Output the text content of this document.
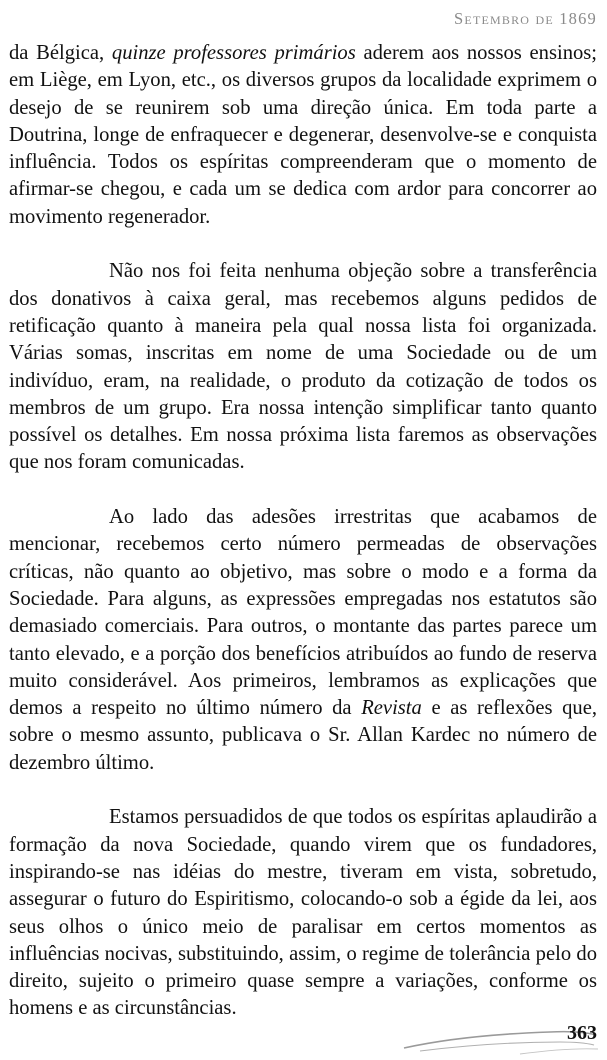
Setembro de 1869

da Bélgica, quinze professores primários aderem aos nossos ensinos; em Liège, em Lyon, etc., os diversos grupos da localidade exprimem o desejo de se reunirem sob uma direção única. Em toda parte a Doutrina, longe de enfraquecer e degenerar, desenvolve-se e conquista influência. Todos os espíritas compreenderam que o momento de afirmar-se chegou, e cada um se dedica com ardor para concorrer ao movimento regenerador.

Não nos foi feita nenhuma objeção sobre a transferência dos donativos à caixa geral, mas recebemos alguns pedidos de retificação quanto à maneira pela qual nossa lista foi organizada. Várias somas, inscritas em nome de uma Sociedade ou de um indivíduo, eram, na realidade, o produto da cotização de todos os membros de um grupo. Era nossa intenção simplificar tanto quanto possível os detalhes. Em nossa próxima lista faremos as observações que nos foram comunicadas.

Ao lado das adesões irrestritas que acabamos de mencionar, recebemos certo número permeadas de observações críticas, não quanto ao objetivo, mas sobre o modo e a forma da Sociedade. Para alguns, as expressões empregadas nos estatutos são demasiado comerciais. Para outros, o montante das partes parece um tanto elevado, e a porção dos benefícios atribuídos ao fundo de reserva muito considerável. Aos primeiros, lembramos as explicações que demos a respeito no último número da Revista e as reflexões que, sobre o mesmo assunto, publicava o Sr. Allan Kardec no número de dezembro último.

Estamos persuadidos de que todos os espíritas aplaudirão a formação da nova Sociedade, quando virem que os fundadores, inspirando-se nas idéias do mestre, tiveram em vista, sobretudo, assegurar o futuro do Espiritismo, colocando-o sob a égide da lei, aos seus olhos o único meio de paralisar em certos momentos as influências nocivas, substituindo, assim, o regime de tolerância pelo do direito, sujeito o primeiro quase sempre a variações, conforme os homens e as circunstâncias.

363
